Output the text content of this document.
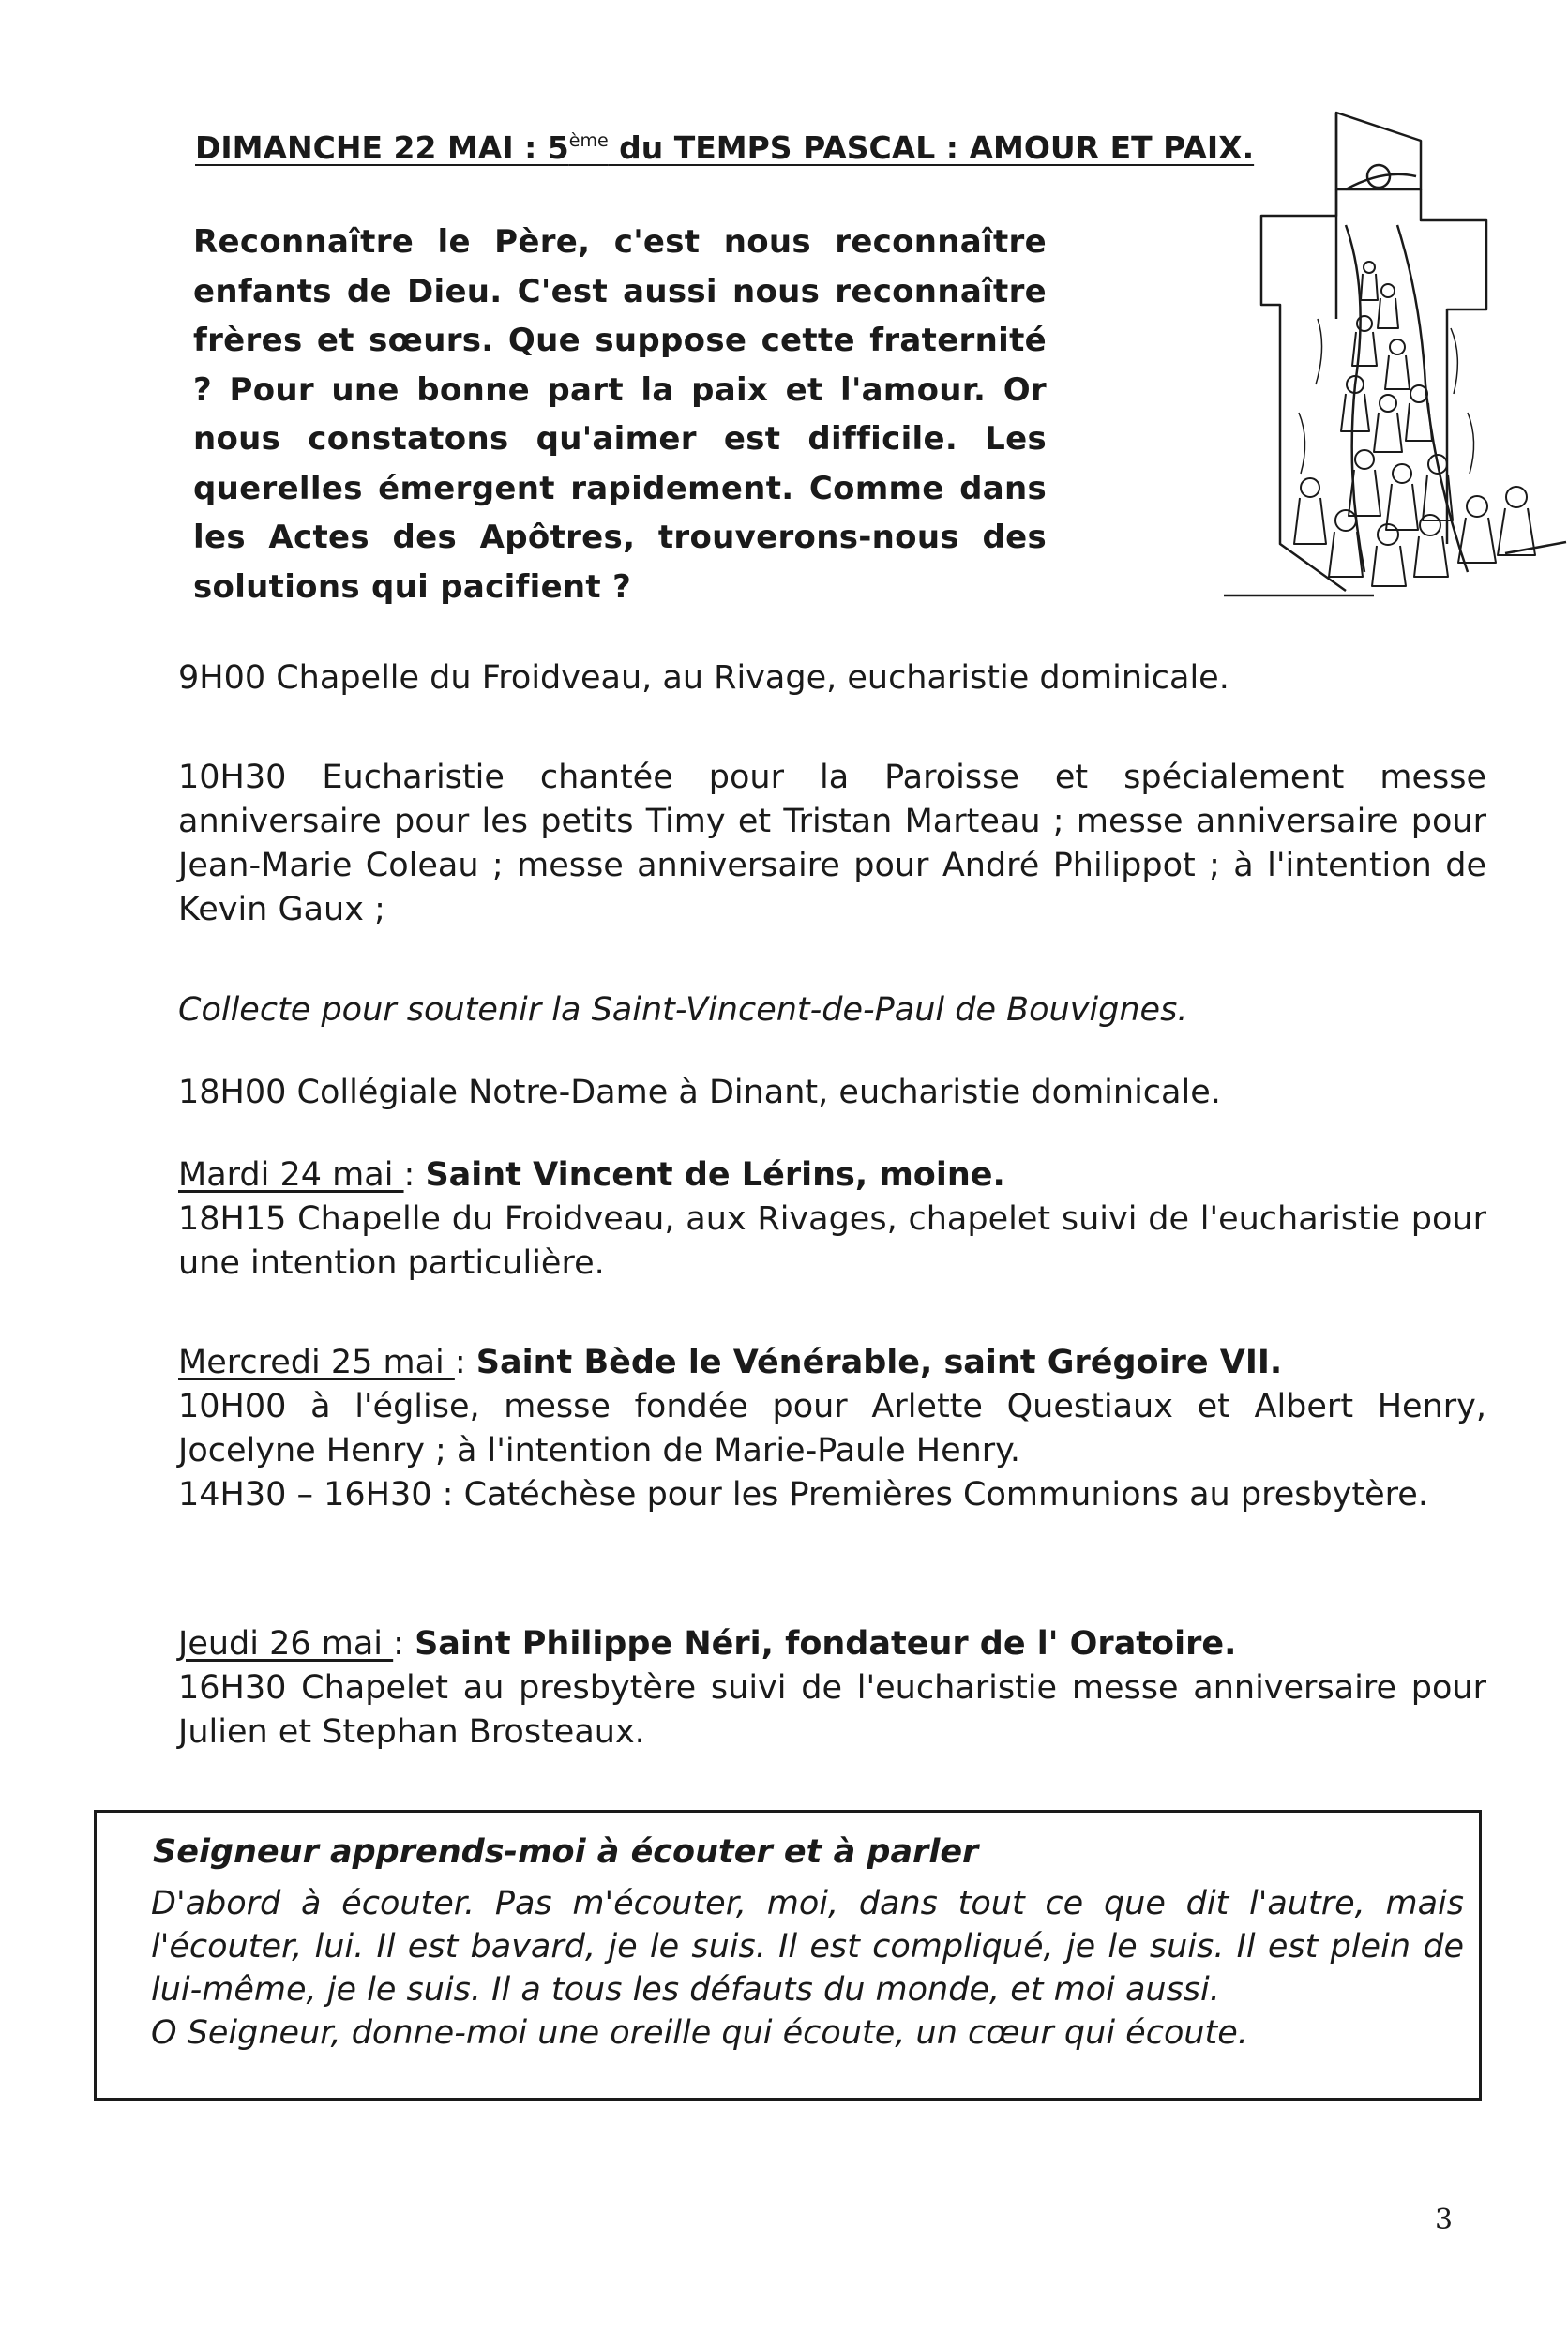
DIMANCHE 22 MAI : 5ème du TEMPS PASCAL : AMOUR ET PAIX.
Reconnaître le Père, c'est nous reconnaître enfants de Dieu. C'est aussi nous reconnaître frères et sœurs. Que suppose cette fraternité ? Pour une bonne part la paix et l'amour. Or nous constatons qu'aimer est difficile. Les querelles émergent rapidement. Comme dans les Actes des Apôtres, trouverons-nous des solutions qui pacifient ?
9H00 Chapelle du Froidveau, au Rivage, eucharistie dominicale.
10H30 Eucharistie chantée pour la Paroisse et spécialement messe anniversaire pour les petits Timy et Tristan Marteau ; messe anniversaire pour Jean-Marie Coleau ; messe anniversaire pour André Philippot ; à l'intention de Kevin Gaux ;
Collecte pour soutenir la Saint-Vincent-de-Paul de Bouvignes.
18H00 Collégiale Notre-Dame à Dinant, eucharistie dominicale.
Mardi 24 mai : Saint Vincent de Lérins, moine.
18H15 Chapelle du Froidveau, aux Rivages, chapelet suivi de l'eucharistie pour une intention particulière.
Mercredi 25 mai : Saint Bède le Vénérable, saint Grégoire VII.
10H00 à l'église, messe fondée pour Arlette Questiaux et Albert Henry, Jocelyne Henry ; à l'intention de Marie-Paule Henry.
14H30 – 16H30 : Catéchèse pour les Premières Communions au presbytère.
Jeudi 26 mai : Saint Philippe Néri, fondateur de l' Oratoire.
16H30 Chapelet au presbytère suivi de l'eucharistie messe anniversaire pour Julien et Stephan Brosteaux.
Seigneur apprends-moi à écouter et à parler
D'abord à écouter. Pas m'écouter, moi, dans tout ce que dit l'autre, mais l'écouter, lui. Il est bavard, je le suis. Il est compliqué, je le suis. Il est plein de lui-même, je le suis. Il a tous les défauts du monde, et moi aussi.
O Seigneur, donne-moi une oreille qui écoute, un cœur qui écoute.
3
